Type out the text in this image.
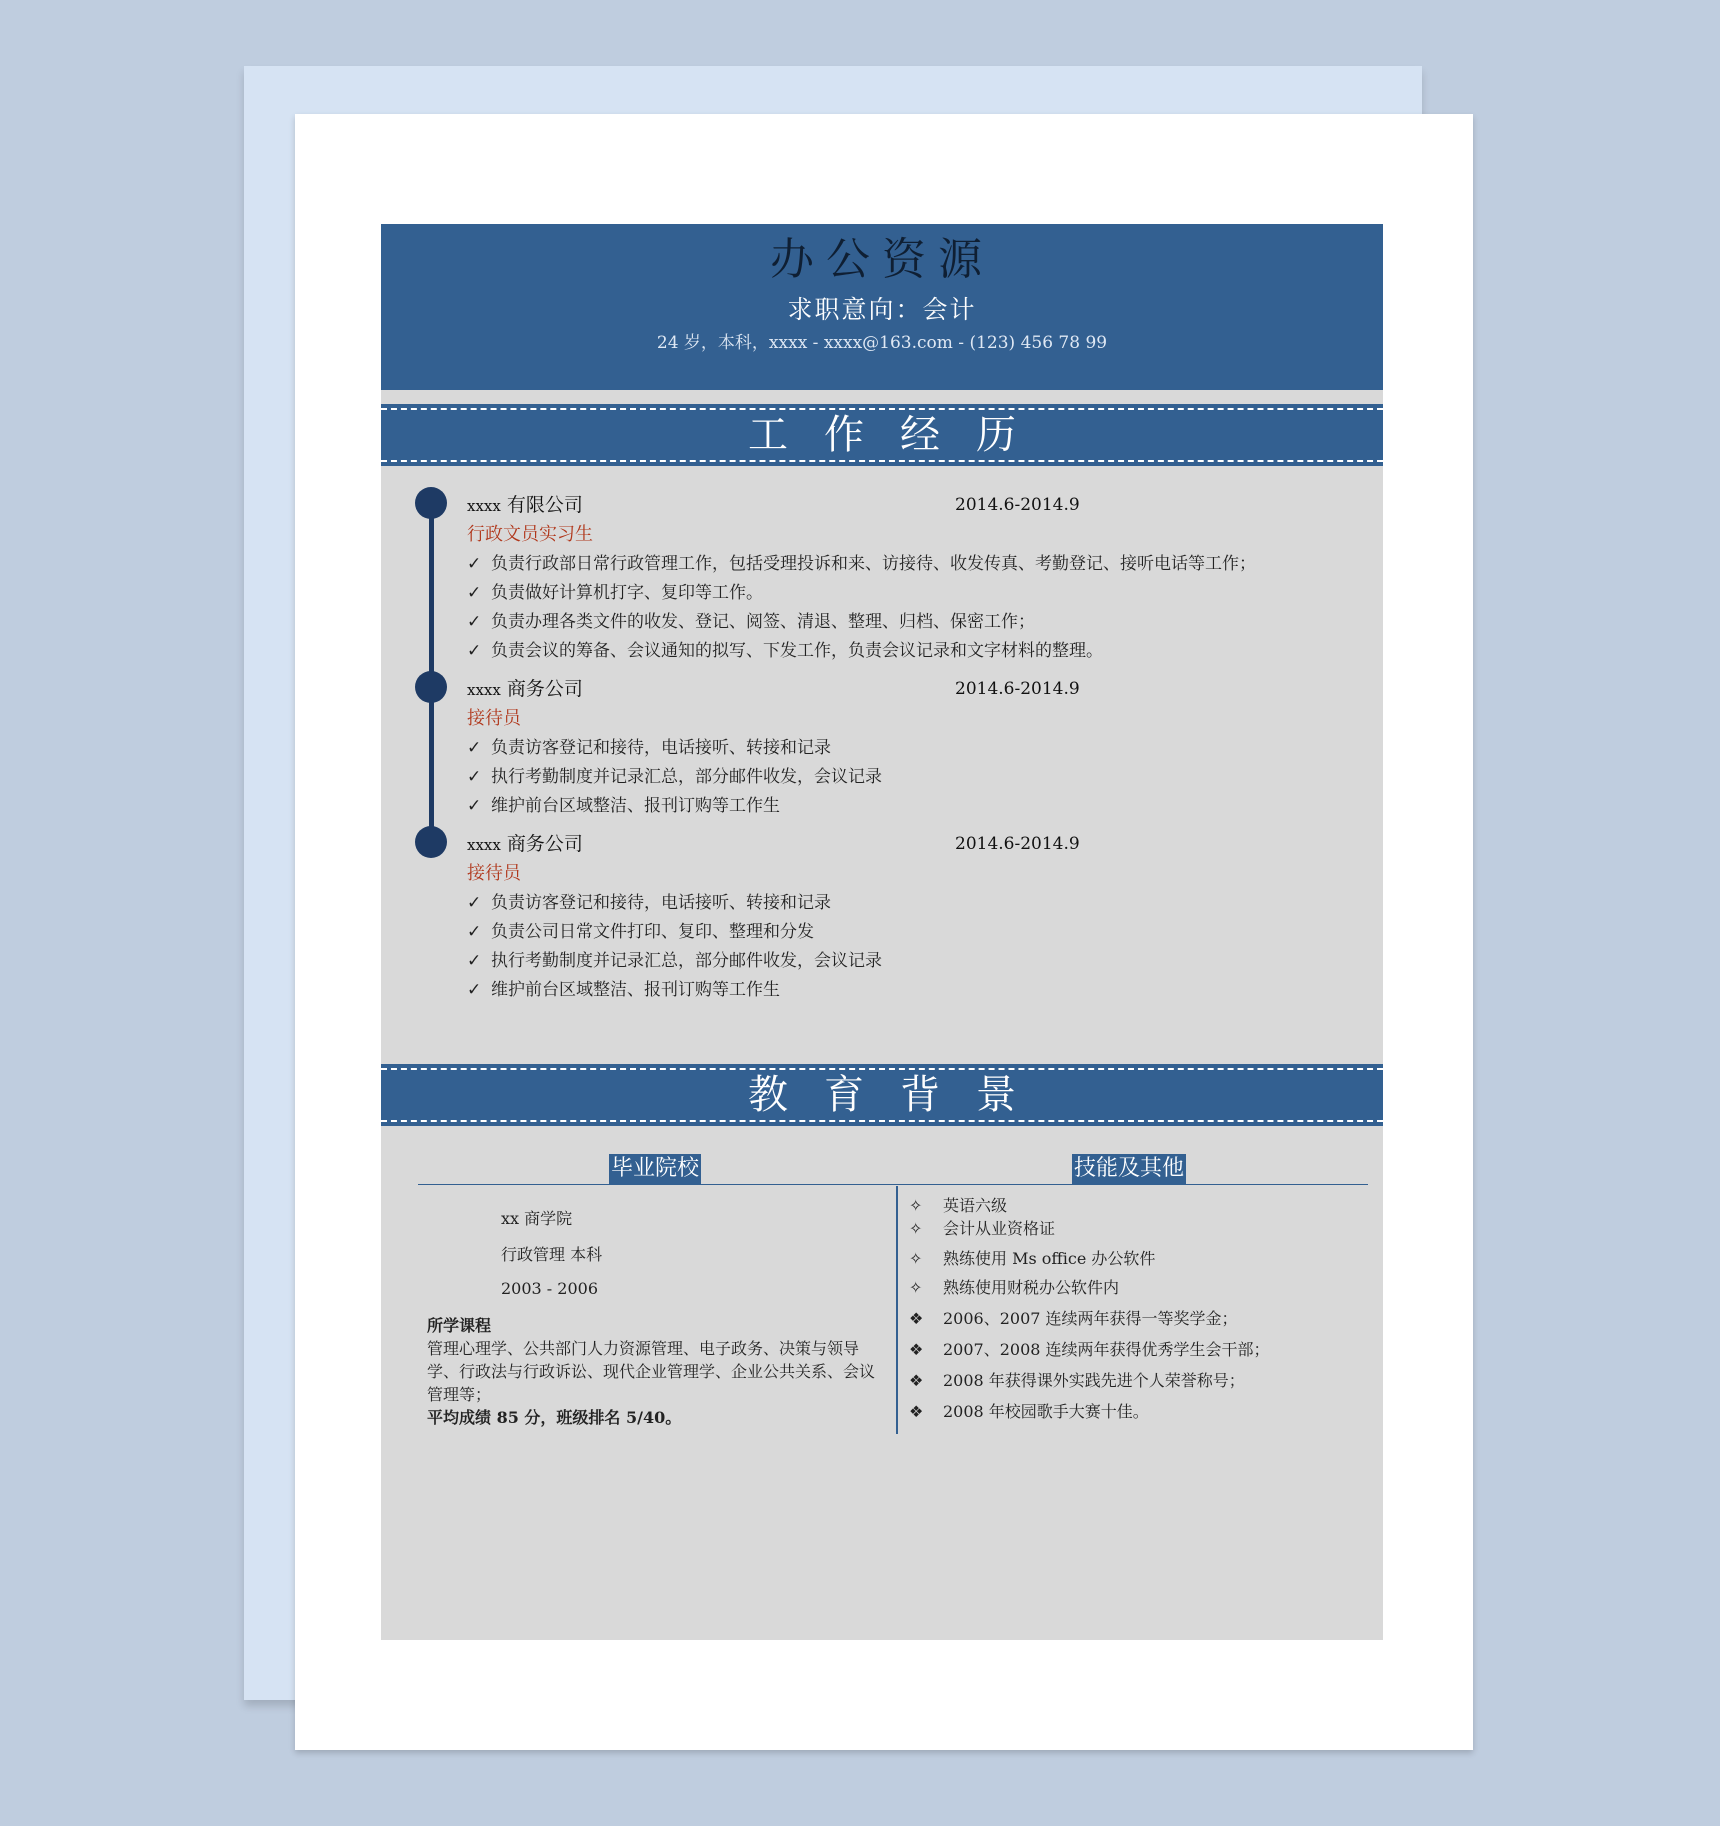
办公资源
求职意向：会计
24 岁，本科，xxxx - xxxx@163.com - (123) 456 78 99
工作经历
xxxx 有限公司	2014.6-2014.9
行政文员实习生
✓ 负责行政部日常行政管理工作，包括受理投诉和来、访接待、收发传真、考勤登记、接听电话等工作；
✓ 负责做好计算机打字、复印等工作。
✓ 负责办理各类文件的收发、登记、阅签、清退、整理、归档、保密工作；
✓ 负责会议的筹备、会议通知的拟写、下发工作，负责会议记录和文字材料的整理。
xxxx 商务公司	2014.6-2014.9
接待员
✓ 负责访客登记和接待，电话接听、转接和记录
✓ 执行考勤制度并记录汇总，部分邮件收发，会议记录
✓ 维护前台区域整洁、报刊订购等工作生
xxxx 商务公司	2014.6-2014.9
接待员
✓ 负责访客登记和接待，电话接听、转接和记录
✓ 负责公司日常文件打印、复印、整理和分发
✓ 执行考勤制度并记录汇总，部分邮件收发，会议记录
✓ 维护前台区域整洁、报刊订购等工作生
教育背景
毕业院校	技能及其他
xx 商学院
行政管理 本科
2003 - 2006
所学课程
管理心理学、公共部门人力资源管理、电子政务、决策与领导学、行政法与行政诉讼、现代企业管理学、企业公共关系、会议管理等；
平均成绩 85 分，班级排名 5/40。
✧ 英语六级
✧ 会计从业资格证
✧ 熟练使用 Ms office 办公软件
✧ 熟练使用财税办公软件内
❖ 2006、2007 连续两年获得一等奖学金；
❖ 2007、2008 连续两年获得优秀学生会干部；
❖ 2008 年获得课外实践先进个人荣誉称号；
❖ 2008 年校园歌手大赛十佳。
